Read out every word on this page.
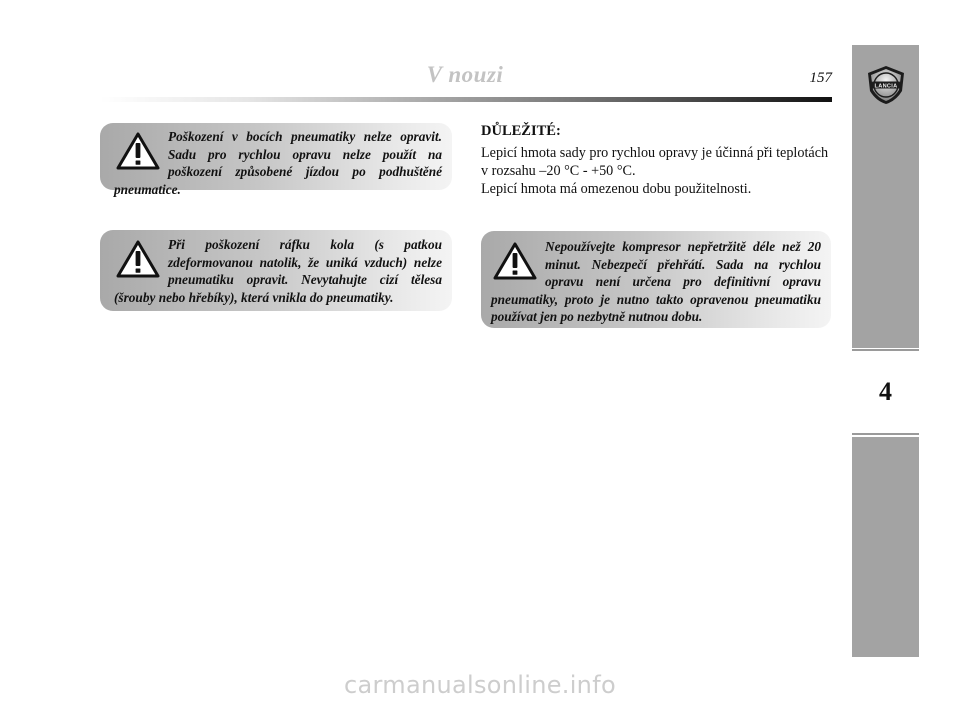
V nouzi	157
LANCIA
4

Poškození v bocích pneumatiky nelze opravit. Sadu pro rychlou opravu nelze použít na poškození způsobené jízdou po podhuštěné pneumatice.

Při poškození ráfku kola (s patkou zdeformovanou natolik, že uniká vzduch) nelze pneumatiku opravit. Nevytahujte cizí tělesa (šrouby nebo hřebíky), která vnikla do pneumatiky.

DŮLEŽITÉ:

Lepicí hmota sady pro rychlou opravy je účinná při teplotách v rozsahu –20 °C - +50 °C.

Lepicí hmota má omezenou dobu použitelnosti.

Nepoužívejte kompresor nepřetržitě déle než 20 minut. Nebezpečí přehřátí. Sada na rychlou opravu není určena pro definitivní opravu pneumatiky, proto je nutno takto opravenou pneumatiku používat jen po nezbytně nutnou dobu.

carmanualsonline.info
